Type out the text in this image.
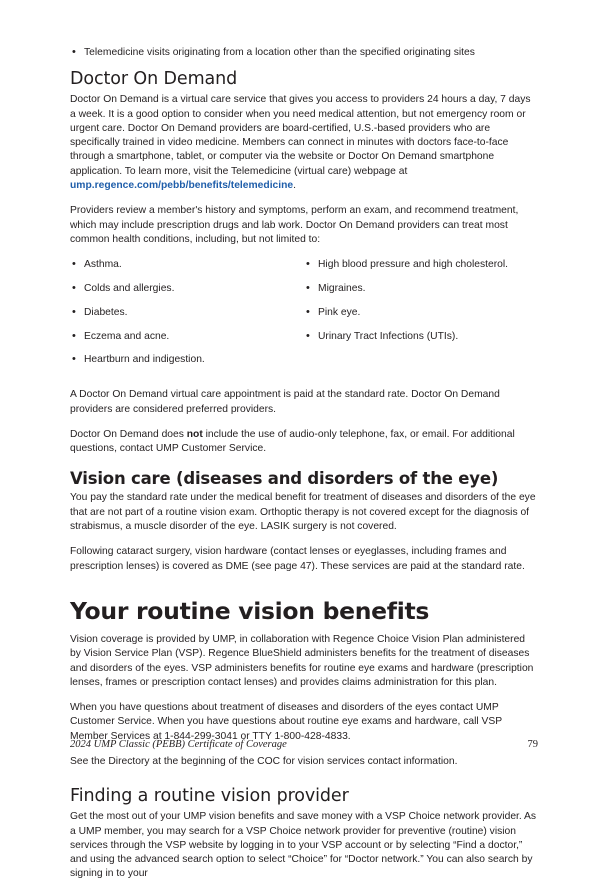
• Telemedicine visits originating from a location other than the specified originating sites
Doctor On Demand

Doctor On Demand is a virtual care service that gives you access to providers 24 hours a day, 7 days a week. It is a good option to consider when you need medical attention, but not emergency room or urgent care. Doctor On Demand providers are board-certified, U.S.-based providers who are specifically trained in video medicine. Members can connect in minutes with doctors face-to-face through a smartphone, tablet, or computer via the website or Doctor On Demand smartphone application. To learn more, visit the Telemedicine (virtual care) webpage at ump.regence.com/pebb/benefits/telemedicine.

Providers review a member's history and symptoms, perform an exam, and recommend treatment, which may include prescription drugs and lab work. Doctor On Demand providers can treat most common health conditions, including, but not limited to:

• Asthma.
• Colds and allergies.
• Diabetes.
• Eczema and acne.
• Heartburn and indigestion.
• High blood pressure and high cholesterol.
• Migraines.
• Pink eye.
• Urinary Tract Infections (UTIs).

A Doctor On Demand virtual care appointment is paid at the standard rate. Doctor On Demand providers are considered preferred providers.

Doctor On Demand does not include the use of audio-only telephone, fax, or email. For additional questions, contact UMP Customer Service.

Vision care (diseases and disorders of the eye)

You pay the standard rate under the medical benefit for treatment of diseases and disorders of the eye that are not part of a routine vision exam. Orthoptic therapy is not covered except for the diagnosis of strabismus, a muscle disorder of the eye. LASIK surgery is not covered.

Following cataract surgery, vision hardware (contact lenses or eyeglasses, including frames and prescription lenses) is covered as DME (see page 47). These services are paid at the standard rate.

Your routine vision benefits

Vision coverage is provided by UMP, in collaboration with Regence Choice Vision Plan administered by Vision Service Plan (VSP). Regence BlueShield administers benefits for the treatment of diseases and disorders of the eyes. VSP administers benefits for routine eye exams and hardware (prescription lenses, frames or prescription contact lenses) and provides claims administration for this plan.

When you have questions about treatment of diseases and disorders of the eyes contact UMP Customer Service. When you have questions about routine eye exams and hardware, call VSP Member Services at 1-844-299-3041 or TTY 1-800-428-4833.

See the Directory at the beginning of the COC for vision services contact information.

Finding a routine vision provider

Get the most out of your UMP vision benefits and save money with a VSP Choice network provider. As a UMP member, you may search for a VSP Choice network provider for preventive (routine) vision services through the VSP website by logging in to your VSP account or by selecting “Find a doctor,” and using the advanced search option to select “Choice” for “Doctor network.” You can also search by signing in to your

2024 UMP Classic (PEBB) Certificate of Coverage	79
